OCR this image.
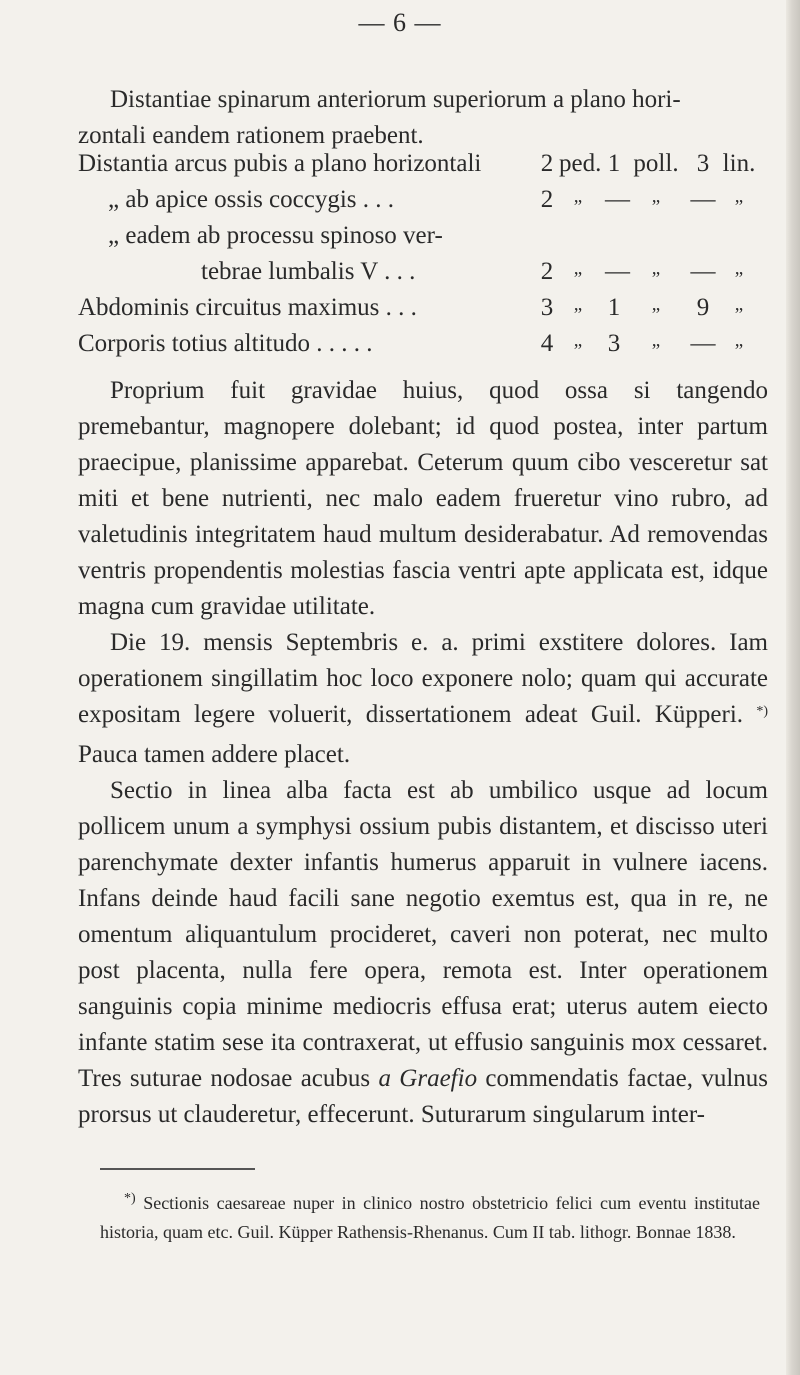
— 6 —
Distantiae spinarum anteriorum superiorum a plano hori-
zontali eandem rationem praebent.
Distantia arcus pubis a plano horizontali 2 ped. 1 poll. 3 lin.
„ ab apice ossis coccygis . . .	2	„ —	„	—	„
„ eadem ab processu spinoso ver-
tebrae lumbalis V . . .	2	„ —	„	—	„
Abdominis circuitus maximus . . .	3	„	1	„	9	„
Corporis totius altitudo . . . . .	4	„	3	„	—	„

Proprium fuit gravidae huius, quod ossa si tangendo premebantur, magnopere dolebant; id quod postea, inter partum praecipue, planissime apparebat. Ceterum quum cibo vesceretur sat miti et bene nutrienti, nec malo eadem frueretur vino rubro, ad valetudinis integritatem haud multum desiderabatur. Ad removendas ventris propendentis molestias fascia ventri apte applicata est, idque magna cum gravidae utilitate.

Die 19. mensis Septembris e. a. primi exstitere dolores. Iam operationem singillatim hoc loco exponere nolo; quam qui accurate expositam legere voluerit, dissertationem adeat Guil. Küpperi. *) Pauca tamen addere placet.

Sectio in linea alba facta est ab umbilico usque ad locum pollicem unum a symphysi ossium pubis distantem, et discisso uteri parenchymate dexter infantis humerus apparuit in vulnere iacens. Infans deinde haud facili sane negotio exemtus est, qua in re, ne omentum aliquantulum procideret, caveri non poterat, nec multo post placenta, nulla fere opera, remota est. Inter operationem sanguinis copia minime mediocris effusa erat; uterus autem eiecto infante statim sese ita contraxerat, ut effusio sanguinis mox cessaret. Tres suturae nodosae acubus a Graefio commendatis factae, vulnus prorsus ut clauderetur, effecerunt. Suturarum singularum inter-

*) Sectionis caesareae nuper in clinico nostro obstetricio felici cum eventu institutae historia, quam etc. Guil. Küpper Rathensis-Rhenanus. Cum II tab. lithogr. Bonnae 1838.
